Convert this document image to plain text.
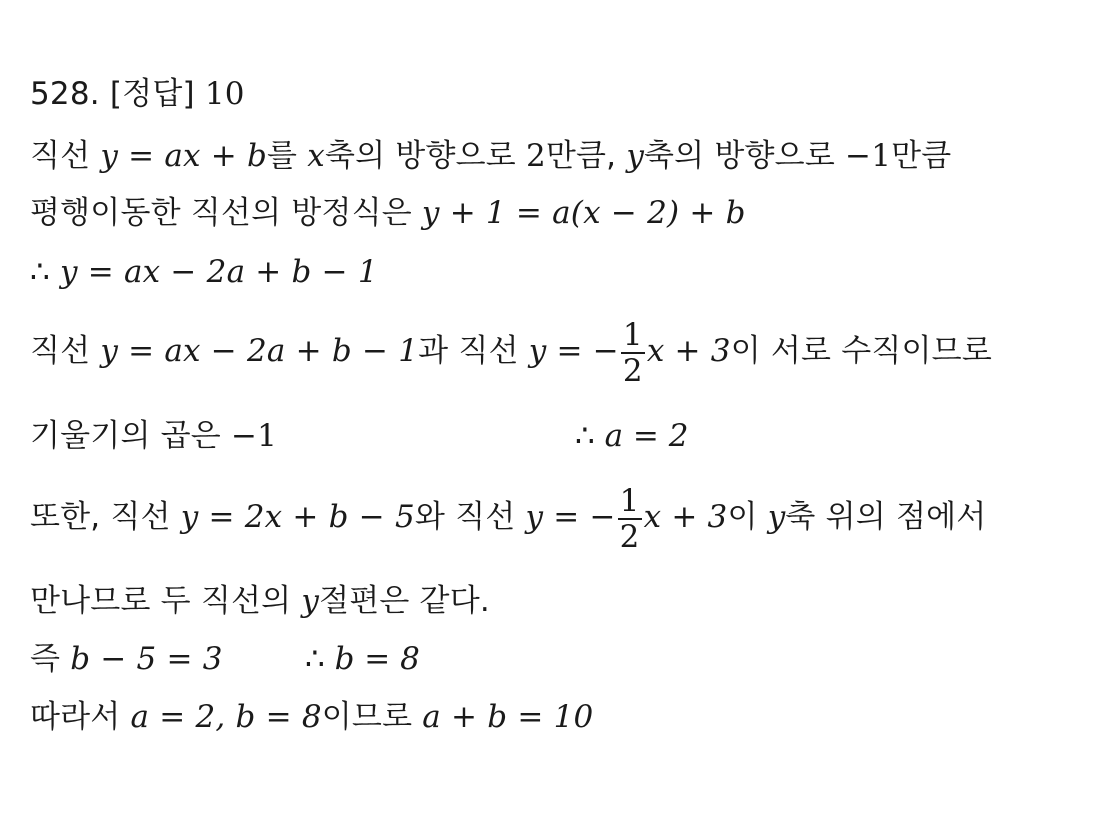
528. [정답] 10
직선 y = ax + b를 x축의 방향으로 2만큼, y축의 방향으로 −1만큼
평행이동한 직선의 방정식은 y + 1 = a(x − 2) + b
∴ y = ax − 2a + b − 1
직선 y = ax − 2a + b − 1과 직선 y = − $\frac{1}{2}$ x + 3이 서로 수직이므로
기울기의 곱은 −1	∴ a = 2
또한, 직선 y = 2x + b − 5와 직선 y = − $\frac{1}{2}$ x + 3이 y축 위의 점에서
만나므로 두 직선의 y절편은 같다.
즉 b − 5 = 3	∴ b = 8
따라서 a = 2, b = 8이므로 a + b = 10
